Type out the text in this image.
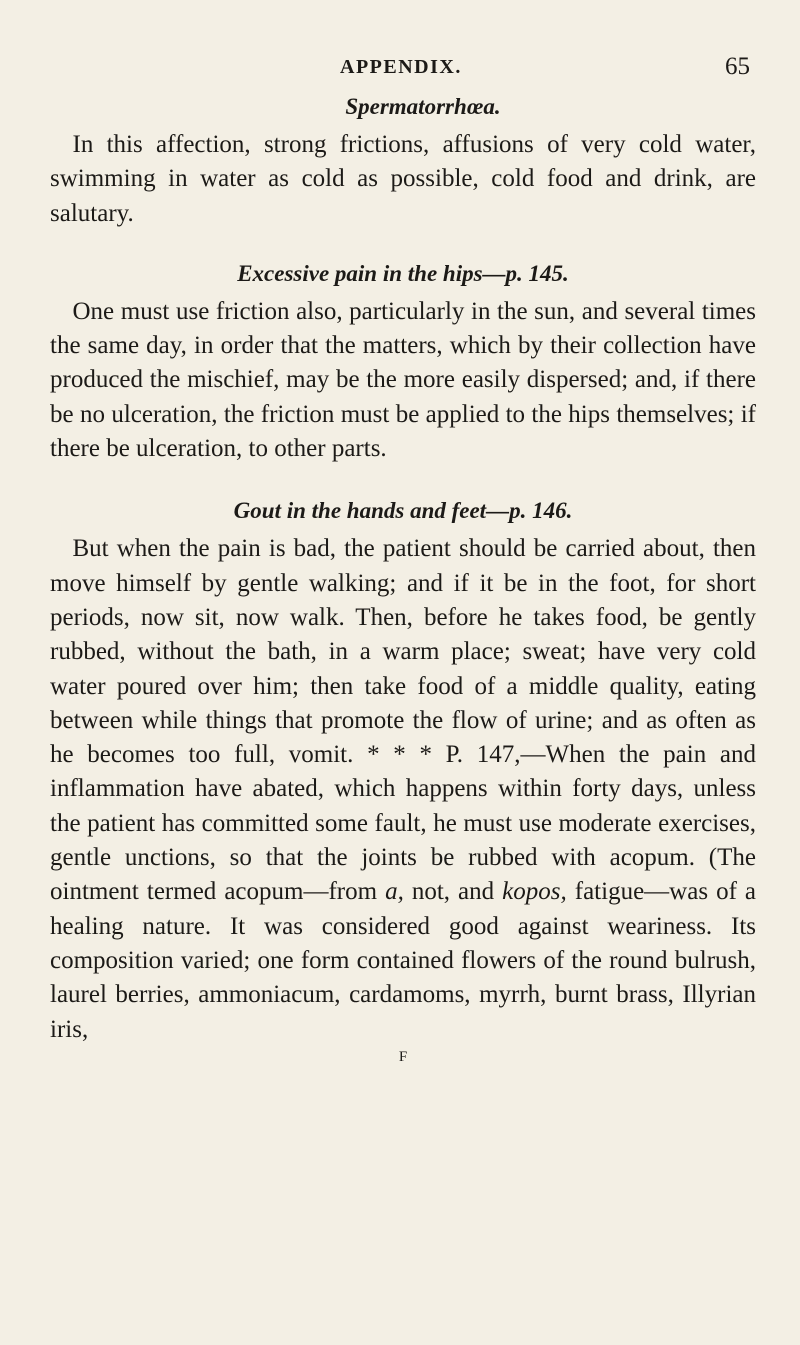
APPENDIX.	65
Spermatorrhœa.

In this affection, strong frictions, affusions of very cold water, swimming in water as cold as possible, cold food and drink, are salutary.

Excessive pain in the hips—p. 145.

One must use friction also, particularly in the sun, and several times the same day, in order that the matters, which by their collection have produced the mischief, may be the more easily dispersed; and, if there be no ulceration, the friction must be applied to the hips themselves; if there be ulceration, to other parts.

Gout in the hands and feet—p. 146.

But when the pain is bad, the patient should be carried about, then move himself by gentle walking; and if it be in the foot, for short periods, now sit, now walk. Then, before he takes food, be gently rubbed, without the bath, in a warm place; sweat; have very cold water poured over him; then take food of a middle quality, eating between while things that promote the flow of urine; and as often as he becomes too full, vomit. * * * P. 147,—When the pain and inflammation have abated, which happens within forty days, unless the patient has committed some fault, he must use moderate exercises, gentle unctions, so that the joints be rubbed with acopum. (The ointment termed acopum—from a, not, and kopos, fatigue—was of a healing nature. It was considered good against weariness. Its composition varied; one form contained flowers of the round bulrush, laurel berries, ammoniacum, cardamoms, myrrh, burnt brass, Illyrian iris,

F
